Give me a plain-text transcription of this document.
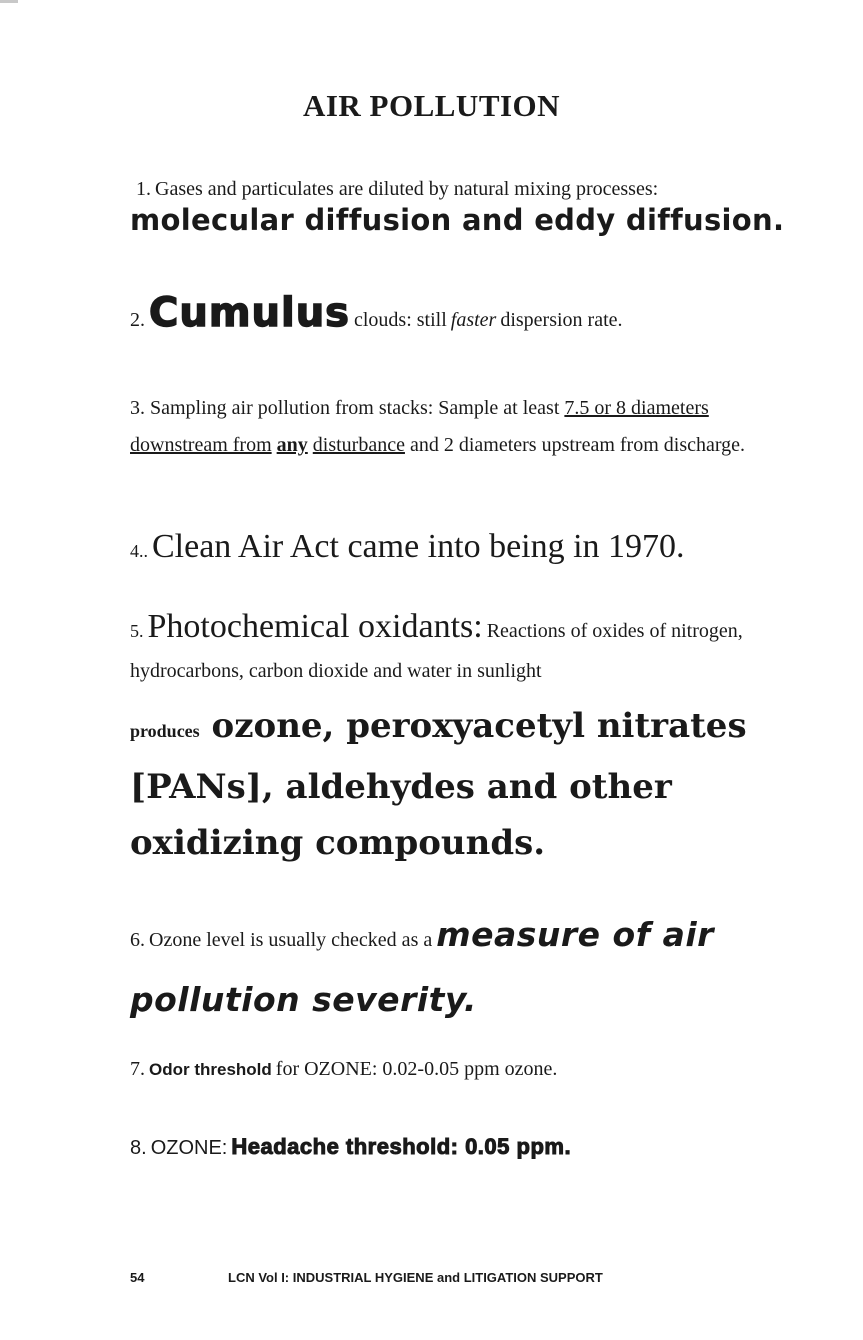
AIR POLLUTION
1. Gases and particulates are diluted by natural mixing processes:
molecular diffusion and eddy diffusion.
2. Cumulus clouds: still faster dispersion rate.
3. Sampling air pollution from stacks: Sample at least 7.5 or 8 diameters downstream from any disturbance and 2 diameters upstream from discharge.
4.. Clean Air Act came into being in 1970.
5. Photochemical oxidants: Reactions of oxides of nitrogen, hydrocarbons, carbon dioxide and water in sunlight
produces ozone, peroxyacetyl nitrates [PANs], aldehydes and other oxidizing compounds.
6. Ozone level is usually checked as a measure of air pollution severity.
7. Odor threshold for OZONE: 0.02-0.05 ppm ozone.
8. OZONE: Headache threshold: 0.05 ppm.
54	LCN Vol I: INDUSTRIAL HYGIENE and LITIGATION SUPPORT
